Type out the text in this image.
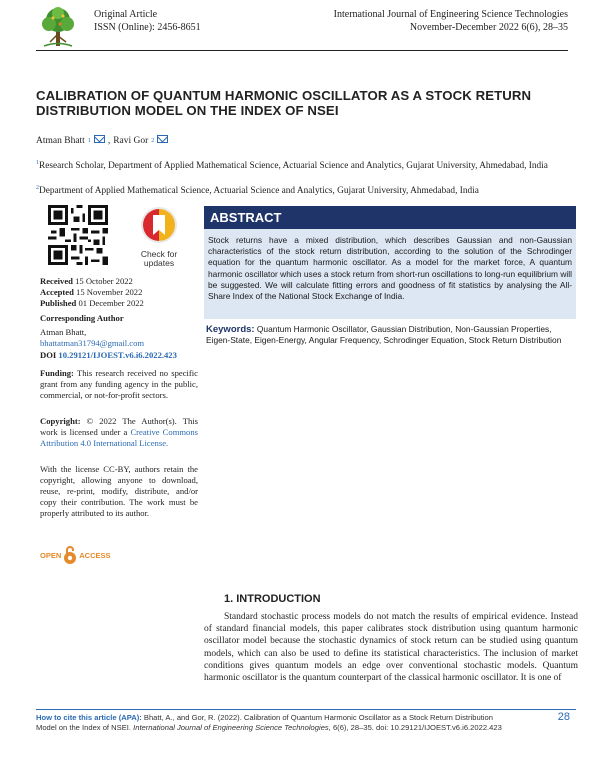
Original Article
ISSN (Online): 2456-8651
International Journal of Engineering Science Technologies
November-December 2022 6(6), 28–35
CALIBRATION OF QUANTUM HARMONIC OSCILLATOR AS A STOCK RETURN DISTRIBUTION MODEL ON THE INDEX OF NSEI
Atman Bhatt 1 , Ravi Gor 2
$^1$Research Scholar, Department of Applied Mathematical Science, Actuarial Science and Analytics, Gujarat University, Ahmedabad, India
$^2$Department of Applied Mathematical Science, Actuarial Science and Analytics, Gujarat University, Ahmedabad, India
Check for
updates
Received 15 October 2022
Accepted 15 November 2022
Published 01 December 2022
Corresponding Author
Atman Bhatt,
bhattatman31794@gmail.com
DOI 10.29121/IJOEST.v6.i6.2022.423
Funding: This research received no specific grant from any funding agency in the public, commercial, or not-for-profit sectors.
Copyright: © 2022 The Author(s). This work is licensed under a Creative Commons Attribution 4.0 International License.
With the license CC-BY, authors retain the copyright, allowing anyone to download, reuse, re-print, modify, distribute, and/or copy their contribution. The work must be properly attributed to its author.
OPEN ACCESS
ABSTRACT
Stock returns have a mixed distribution, which describes Gaussian and non-Gaussian characteristics of the stock return distribution, according to the solution of the Schrodinger equation for the quantum harmonic oscillator. As a model for the market force, A quantum harmonic oscillator which uses a stock return from short-run oscillations to long-run equilibrium will be suggested. We will calculate fitting errors and goodness of fit statistics by analysing the All-Share Index of the National Stock Exchange of India.
Keywords: Quantum Harmonic Oscillator, Gaussian Distribution, Non-Gaussian Properties, Eigen-State, Eigen-Energy, Angular Frequency, Schrodinger Equation, Stock Return Distribution
1. INTRODUCTION
Standard stochastic process models do not match the results of empirical evidence. Instead of standard financial models, this paper calibrates stock distribution using quantum harmonic oscillator model because the stochastic dynamics of stock return can be studied using quantum models, which can also be used to define its statistical characteristics. The inclusion of market conditions gives quantum models an edge over conventional stochastic models. Quantum harmonic oscillator is the quantum counterpart of the classical harmonic oscillator. It is one of
How to cite this article (APA): Bhatt, A., and Gor, R. (2022). Calibration of Quantum Harmonic Oscillator as a Stock Return Distribution Model on the Index of NSEI. International Journal of Engineering Science Technologies, 6(6), 28–35. doi: 10.29121/IJOEST.v6.i6.2022.423
28
